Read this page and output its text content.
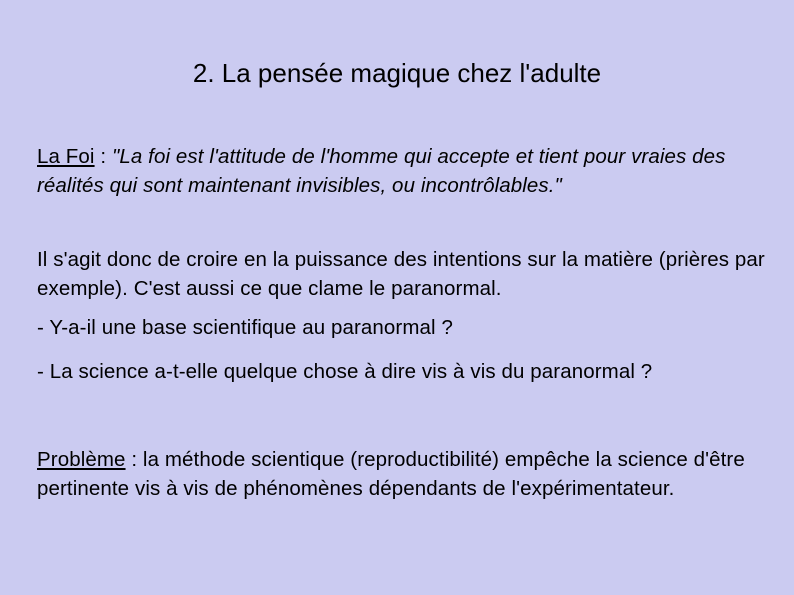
2. La pensée magique chez l'adulte

La Foi : "La foi est l'attitude de l'homme qui accepte et tient pour vraies des réalités qui sont maintenant invisibles, ou incontrôlables."

Il s'agit donc de croire en la puissance des intentions sur la matière (prières par exemple). C'est aussi ce que clame le paranormal.

- Y-a-il une base scientifique au paranormal ?

- La science a-t-elle quelque chose à dire vis à vis du paranormal ?

Problème : la méthode scientique (reproductibilité) empêche la science d'être pertinente vis à vis de phénomènes dépendants de l'expérimentateur.
